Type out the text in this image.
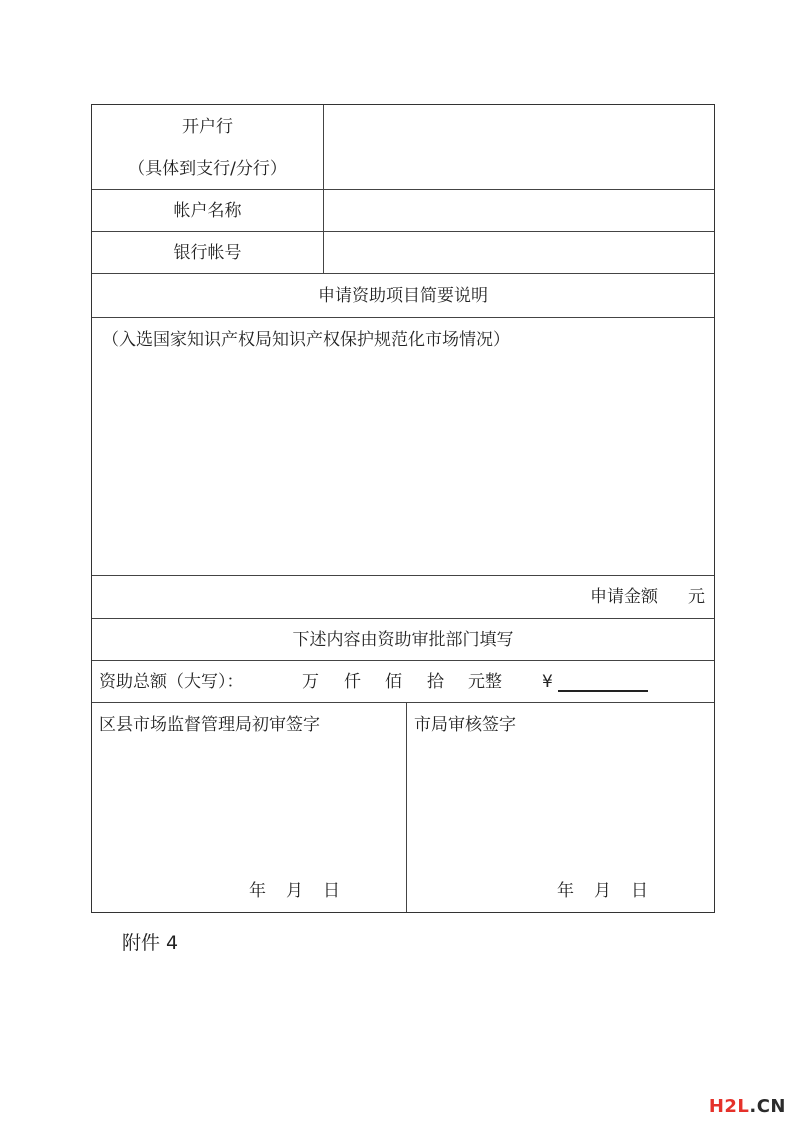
开户行
（具体到支行/分行）
帐户名称
银行帐号
申请资助项目简要说明
（入选国家知识产权局知识产权保护规范化市场情况）
申请金额 元
下述内容由资助审批部门填写
资助总额（大写）：	万 仟 佰 拾 元整 ¥
区县市场监督管理局初审签字	市局审核签字
年 月 日	年 月 日
附件 4
H2L.CN
